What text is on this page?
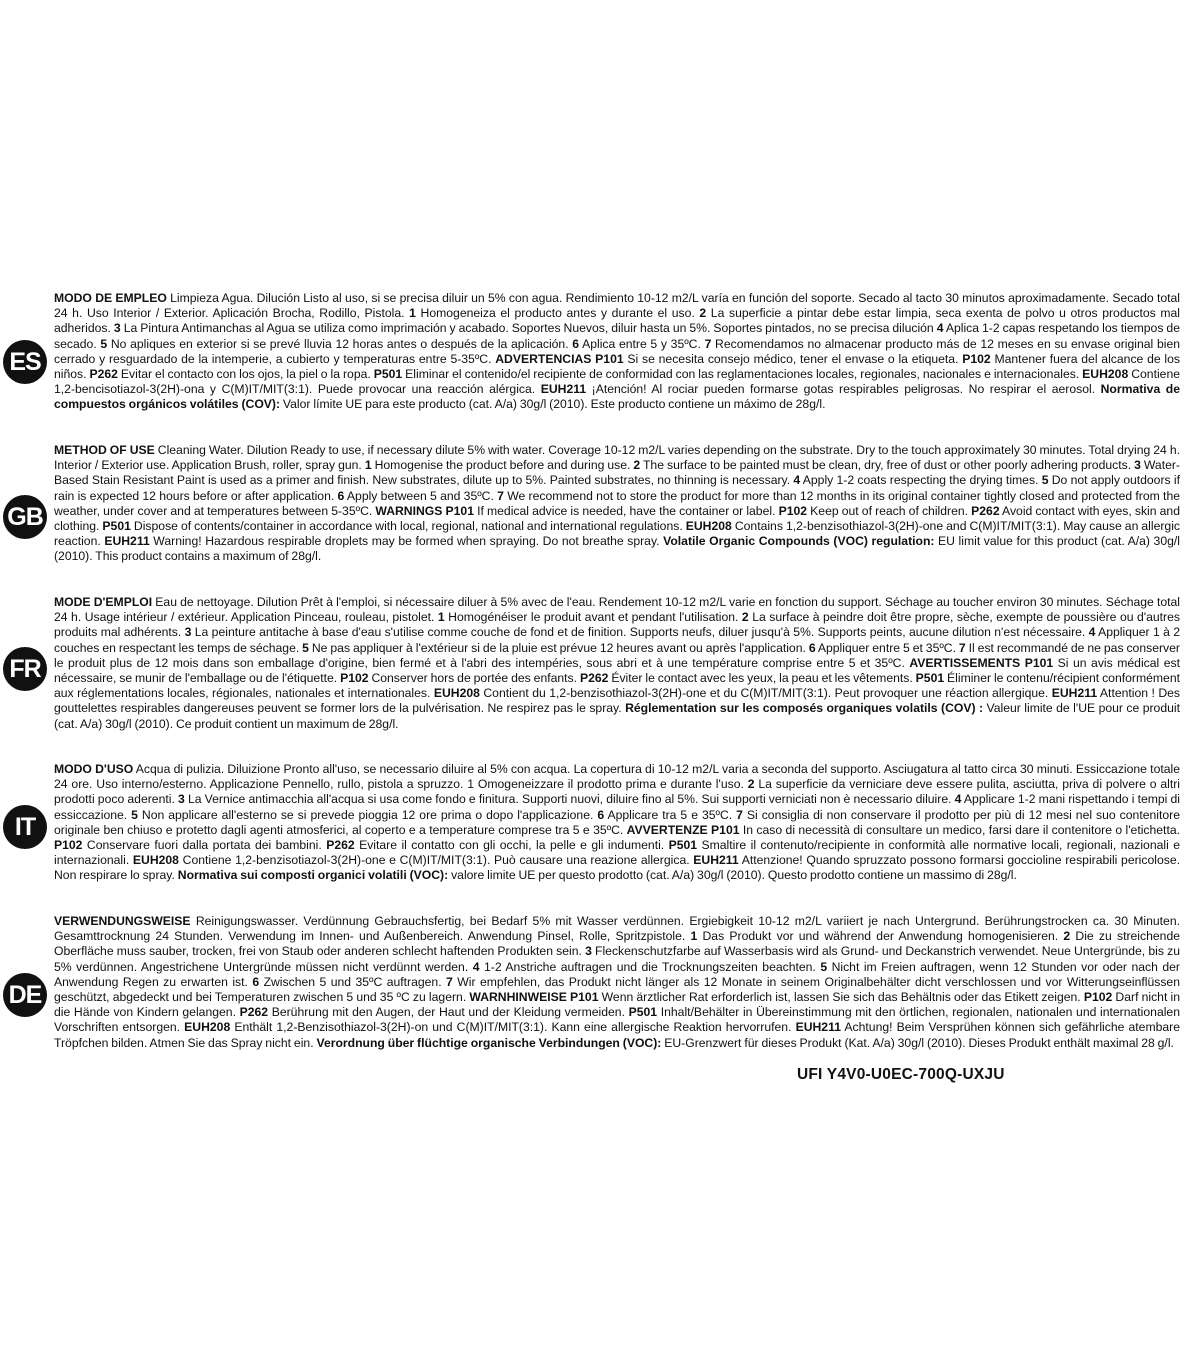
ES
MODO DE EMPLEO Limpieza Agua. Dilución Listo al uso, si se precisa diluir un 5% con agua. Rendimiento 10-12 m2/L varía en función del soporte. Secado al tacto 30 minutos aproximadamente. Secado total 24 h. Uso Interior / Exterior. Aplicación Brocha, Rodillo, Pistola. 1 Homogeneiza el producto antes y durante el uso. 2 La superficie a pintar debe estar limpia, seca exenta de polvo u otros productos mal adheridos. 3 La Pintura Antimanchas al Agua se utiliza como imprimación y acabado. Soportes Nuevos, diluir hasta un 5%. Soportes pintados, no se precisa dilución 4 Aplica 1-2 capas respetando los tiempos de secado. 5 No apliques en exterior si se prevé lluvia 12 horas antes o después de la aplicación. 6 Aplica entre 5 y 35ºC. 7 Recomendamos no almacenar producto más de 12 meses en su envase original bien cerrado y resguardado de la intemperie, a cubierto y temperaturas entre 5-35ºC. ADVERTENCIAS P101 Si se necesita consejo médico, tener el envase o la etiqueta. P102 Mantener fuera del alcance de los niños. P262 Evitar el contacto con los ojos, la piel o la ropa. P501 Eliminar el contenido/el recipiente de conformidad con las reglamentaciones locales, regionales, nacionales e internacionales. EUH208 Contiene 1,2-bencisotiazol-3(2H)-ona y C(M)IT/MIT(3:1). Puede provocar una reacción alérgica. EUH211 ¡Atención! Al rociar pueden formarse gotas respirables peligrosas. No respirar el aerosol. Normativa de compuestos orgánicos volátiles (COV): Valor límite UE para este producto (cat. A/a) 30g/l (2010). Este producto contiene un máximo de 28g/l.
GB
METHOD OF USE Cleaning Water. Dilution Ready to use, if necessary dilute 5% with water. Coverage 10-12 m2/L varies depending on the substrate. Dry to the touch approximately 30 minutes. Total drying 24 h. Interior / Exterior use. Application Brush, roller, spray gun. 1 Homogenise the product before and during use. 2 The surface to be painted must be clean, dry, free of dust or other poorly adhering products. 3 Water-Based Stain Resistant Paint is used as a primer and finish. New substrates, dilute up to 5%. Painted substrates, no thinning is necessary. 4 Apply 1-2 coats respecting the drying times. 5 Do not apply outdoors if rain is expected 12 hours before or after application. 6 Apply between 5 and 35ºC. 7 We recommend not to store the product for more than 12 months in its original container tightly closed and protected from the weather, under cover and at temperatures between 5-35ºC. WARNINGS P101 If medical advice is needed, have the container or label. P102 Keep out of reach of children. P262 Avoid contact with eyes, skin and clothing. P501 Dispose of contents/container in accordance with local, regional, national and international regulations. EUH208 Contains 1,2-benzisothiazol-3(2H)-one and C(M)IT/MIT(3:1). May cause an allergic reaction. EUH211 Warning! Hazardous respirable droplets may be formed when spraying. Do not breathe spray. Volatile Organic Compounds (VOC) regulation: EU limit value for this product (cat. A/a) 30g/l (2010). This product contains a maximum of 28g/l.
FR
MODE D'EMPLOI Eau de nettoyage. Dilution Prêt à l'emploi, si nécessaire diluer à 5% avec de l'eau. Rendement 10-12 m2/L varie en fonction du support. Séchage au toucher environ 30 minutes. Séchage total 24 h. Usage intérieur / extérieur. Application Pinceau, rouleau, pistolet. 1 Homogénéiser le produit avant et pendant l'utilisation. 2 La surface à peindre doit être propre, sèche, exempte de poussière ou d'autres produits mal adhérents. 3 La peinture antitache à base d'eau s'utilise comme couche de fond et de finition. Supports neufs, diluer jusqu'à 5%. Supports peints, aucune dilution n'est nécessaire. 4 Appliquer 1 à 2 couches en respectant les temps de séchage. 5 Ne pas appliquer à l'extérieur si de la pluie est prévue 12 heures avant ou après l'application. 6 Appliquer entre 5 et 35ºC. 7 Il est recommandé de ne pas conserver le produit plus de 12 mois dans son emballage d'origine, bien fermé et à l'abri des intempéries, sous abri et à une température comprise entre 5 et 35ºC. AVERTISSEMENTS P101 Si un avis médical est nécessaire, se munir de l'emballage ou de l'étiquette. P102 Conserver hors de portée des enfants. P262 Éviter le contact avec les yeux, la peau et les vêtements. P501 Éliminer le contenu/récipient conformément aux réglementations locales, régionales, nationales et internationales. EUH208 Contient du 1,2-benzisothiazol-3(2H)-one et du C(M)IT/MIT(3:1). Peut provoquer une réaction allergique. EUH211 Attention ! Des gouttelettes respirables dangereuses peuvent se former lors de la pulvérisation. Ne respirez pas le spray. Réglementation sur les composés organiques volatils (COV) : Valeur limite de l'UE pour ce produit (cat. A/a) 30g/l (2010). Ce produit contient un maximum de 28g/l.
IT
MODO D'USO Acqua di pulizia. Diluizione Pronto all'uso, se necessario diluire al 5% con acqua. La copertura di 10-12 m2/L varia a seconda del supporto. Asciugatura al tatto circa 30 minuti. Essiccazione totale 24 ore. Uso interno/esterno. Applicazione Pennello, rullo, pistola a spruzzo. 1 Omogeneizzare il prodotto prima e durante l'uso. 2 La superficie da verniciare deve essere pulita, asciutta, priva di polvere o altri prodotti poco aderenti. 3 La Vernice antimacchia all'acqua si usa come fondo e finitura. Supporti nuovi, diluire fino al 5%. Sui supporti verniciati non è necessario diluire. 4 Applicare 1-2 mani rispettando i tempi di essiccazione. 5 Non applicare all'esterno se si prevede pioggia 12 ore prima o dopo l'applicazione. 6 Applicare tra 5 e 35ºC. 7 Si consiglia di non conservare il prodotto per più di 12 mesi nel suo contenitore originale ben chiuso e protetto dagli agenti atmosferici, al coperto e a temperature comprese tra 5 e 35ºC. AVVERTENZE P101 In caso di necessità di consultare un medico, farsi dare il contenitore o l'etichetta. P102 Conservare fuori dalla portata dei bambini. P262 Evitare il contatto con gli occhi, la pelle e gli indumenti. P501 Smaltire il contenuto/recipiente in conformità alle normative locali, regionali, nazionali e internazionali. EUH208 Contiene 1,2-benzisotiazol-3(2H)-one e C(M)IT/MIT(3:1). Può causare una reazione allergica. EUH211 Attenzione! Quando spruzzato possono formarsi goccioline respirabili pericolose. Non respirare lo spray. Normativa sui composti organici volatili (VOC): valore limite UE per questo prodotto (cat. A/a) 30g/l (2010). Questo prodotto contiene un massimo di 28g/l.
DE
VERWENDUNGSWEISE Reinigungswasser. Verdünnung Gebrauchsfertig, bei Bedarf 5% mit Wasser verdünnen. Ergiebigkeit 10-12 m2/L variiert je nach Untergrund. Berührungstrocken ca. 30 Minuten. Gesamttrocknung 24 Stunden. Verwendung im Innen- und Außenbereich. Anwendung Pinsel, Rolle, Spritzpistole. 1 Das Produkt vor und während der Anwendung homogenisieren. 2 Die zu streichende Oberfläche muss sauber, trocken, frei von Staub oder anderen schlecht haftenden Produkten sein. 3 Fleckenschutzfarbe auf Wasserbasis wird als Grund- und Deckanstrich verwendet. Neue Untergründe, bis zu 5% verdünnen. Angestrichene Untergründe müssen nicht verdünnt werden. 4 1-2 Anstriche auftragen und die Trocknungszeiten beachten. 5 Nicht im Freien auftragen, wenn 12 Stunden vor oder nach der Anwendung Regen zu erwarten ist. 6 Zwischen 5 und 35ºC auftragen. 7 Wir empfehlen, das Produkt nicht länger als 12 Monate in seinem Originalbehälter dicht verschlossen und vor Witterungseinflüssen geschützt, abgedeckt und bei Temperaturen zwischen 5 und 35 ºC zu lagern. WARNHINWEISE P101 Wenn ärztlicher Rat erforderlich ist, lassen Sie sich das Behältnis oder das Etikett zeigen. P102 Darf nicht in die Hände von Kindern gelangen. P262 Berührung mit den Augen, der Haut und der Kleidung vermeiden. P501 Inhalt/Behälter in Übereinstimmung mit den örtlichen, regionalen, nationalen und internationalen Vorschriften entsorgen. EUH208 Enthält 1,2-Benzisothiazol-3(2H)-on und C(M)IT/MIT(3:1). Kann eine allergische Reaktion hervorrufen. EUH211 Achtung! Beim Versprühen können sich gefährliche atembare Tröpfchen bilden. Atmen Sie das Spray nicht ein. Verordnung über flüchtige organische Verbindungen (VOC): EU-Grenzwert für dieses Produkt (Kat. A/a) 30g/l (2010). Dieses Produkt enthält maximal 28 g/l.
UFI Y4V0-U0EC-700Q-UXJU
